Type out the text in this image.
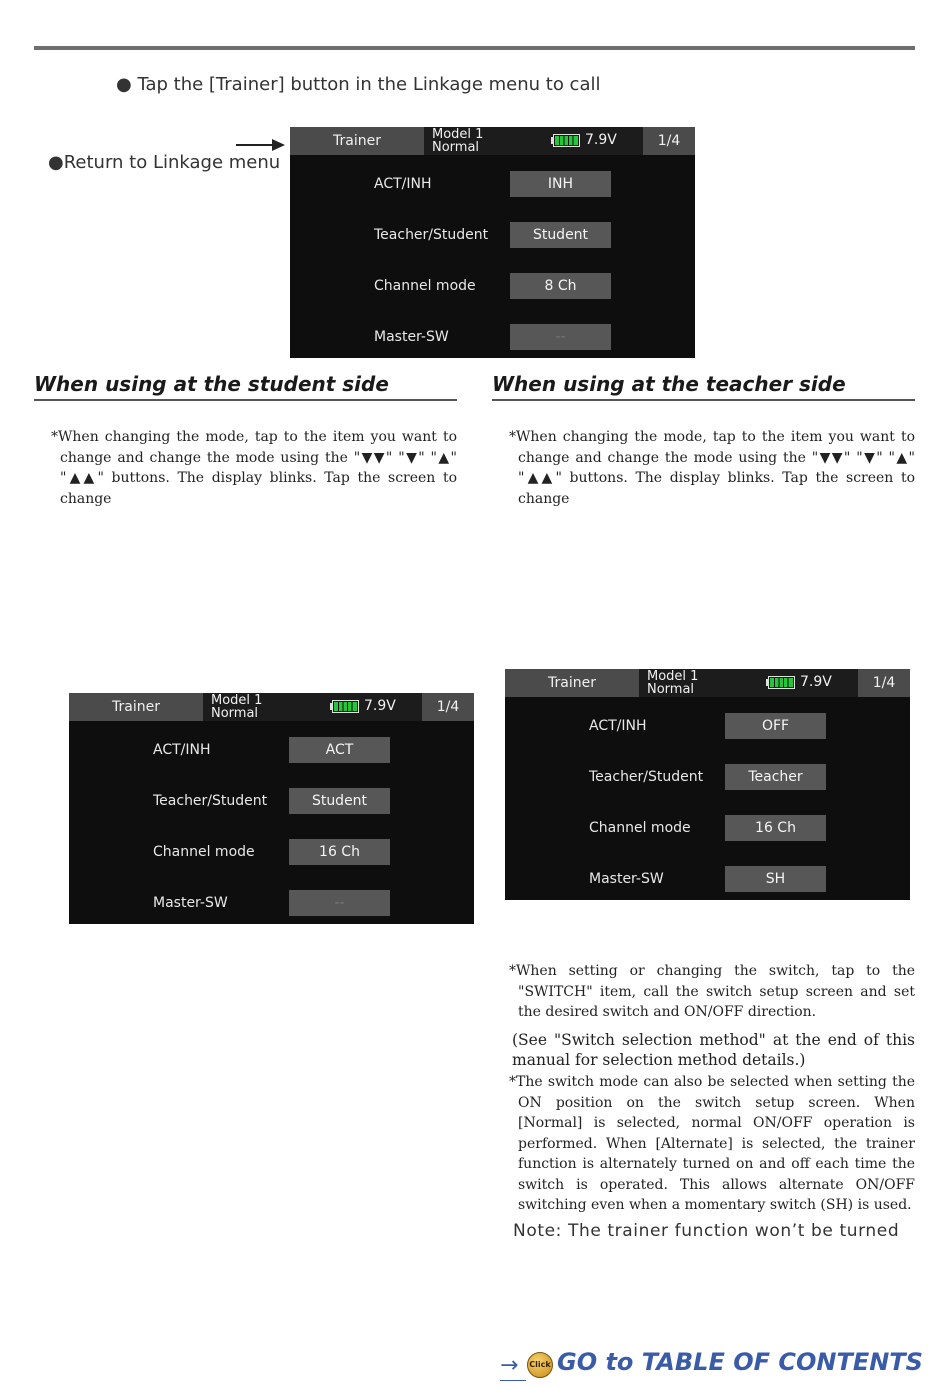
● Tap the [Trainer] button in the Linkage menu to call
●Return to Linkage menu
Trainer	Model 1
Normal	7.9V	1/4
ACT/INH	INH
Teacher/Student	Student
Channel mode	8 Ch
Master-SW	--
When using at the student side	When using at the teacher side
*When changing the mode, tap to the item you want to change and change the mode using the "▼▼" "▼" "▲" "▲▲" buttons. The display blinks. Tap the screen to change
*When changing the mode, tap to the item you want to change and change the mode using the "▼▼" "▼" "▲" "▲▲" buttons. The display blinks. Tap the screen to change
Trainer	Model 1
Normal	7.9V	1/4
ACT/INH	ACT
Teacher/Student	Student
Channel mode	16 Ch
Master-SW	--
Trainer	Model 1
Normal	7.9V	1/4
ACT/INH	OFF
Teacher/Student	Teacher
Channel mode	16 Ch
Master-SW	SH
*When setting or changing the switch, tap to the "SWITCH" item, call the switch setup screen and set the desired switch and ON/OFF direction.
(See "Switch selection method" at the end of this manual for selection method details.)
*The switch mode can also be selected when setting the ON position on the switch setup screen. When [Normal] is selected, normal ON/OFF operation is performed. When [Alternate] is selected, the trainer function is alternately turned on and off each time the switch is operated. This allows alternate ON/OFF switching even when a momentary switch (SH) is used.
Note: The trainer function won’t be turned
→ Click GO to TABLE OF CONTENTS
